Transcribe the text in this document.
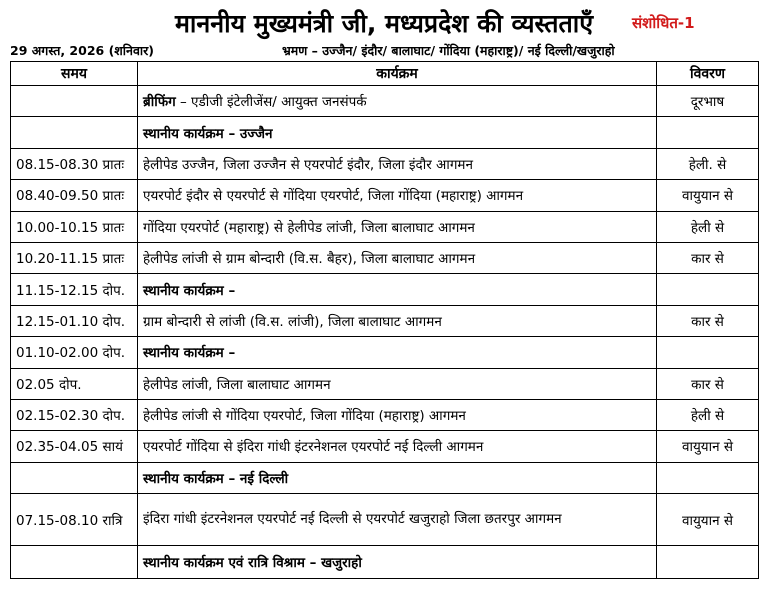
माननीय मुख्यमंत्री जी, मध्यप्रदेश की व्यस्तताएँ	संशोधित-1
29 अगस्त, 2026 (शनिवार)	भ्रमण – उज्जैन/ इंदौर/ बालाघाट/ गोंदिया (महाराष्ट्र)/ नई दिल्ली/खजुराहो
समय	कार्यक्रम	विवरण
	ब्रीफिंग – एडीजी इंटेलीजेंस/ आयुक्त जनसंपर्क	दूरभाष
	स्थानीय कार्यक्रम – उज्जैन	
08.15-08.30 प्रातः	हेलीपेड उज्जैन, जिला उज्जैन से एयरपोर्ट इंदौर, जिला इंदौर आगमन	हेली. से
08.40-09.50 प्रातः	एयरपोर्ट इंदौर से एयरपोर्ट से गोंदिया एयरपोर्ट, जिला गोंदिया (महाराष्ट्र) आगमन	वायुयान से
10.00-10.15 प्रातः	गोंदिया एयरपोर्ट (महाराष्ट्र) से हेलीपेड लांजी, जिला बालाघाट आगमन	हेली से
10.20-11.15 प्रातः	हेलीपेड लांजी से ग्राम बोन्दारी (वि.स. बैहर), जिला बालाघाट आगमन	कार से
11.15-12.15 दोप.	स्थानीय कार्यक्रम –	
12.15-01.10 दोप.	ग्राम बोन्दारी से लांजी (वि.स. लांजी), जिला बालाघाट आगमन	कार से
01.10-02.00 दोप.	स्थानीय कार्यक्रम –	
02.05 दोप.	हेलीपेड लांजी, जिला बालाघाट आगमन	कार से
02.15-02.30 दोप.	हेलीपेड लांजी से गोंदिया एयरपोर्ट, जिला गोंदिया (महाराष्ट्र) आगमन	हेली से
02.35-04.05 सायं	एयरपोर्ट गोंदिया से इंदिरा गांधी इंटरनेशनल एयरपोर्ट नई दिल्ली आगमन	वायुयान से
	स्थानीय कार्यक्रम – नई दिल्ली	
07.15-08.10 रात्रि	इंदिरा गांधी इंटरनेशनल एयरपोर्ट नई दिल्ली से एयरपोर्ट खजुराहो जिला छतरपुर आगमन	वायुयान से
	स्थानीय कार्यक्रम एवं रात्रि विश्राम – खजुराहो	
